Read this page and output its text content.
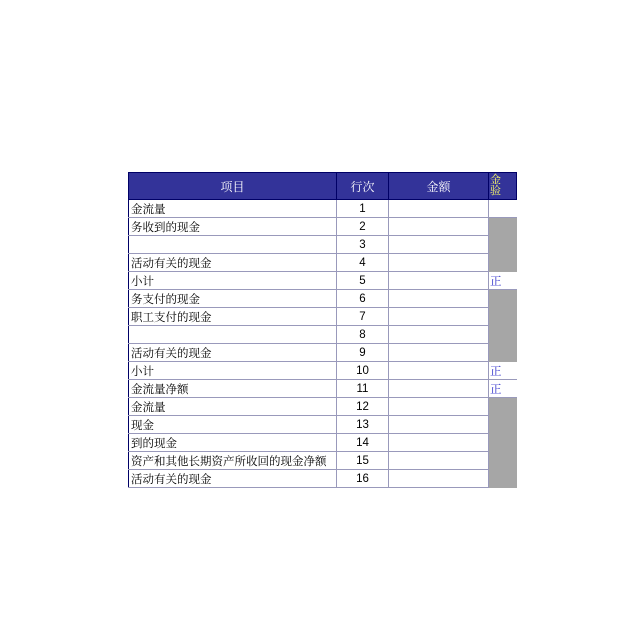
项目	行次	金额	金
验

金流量	1		
务收到的现金	2		
	3		
活动有关的现金	4		
小计	5		正
务支付的现金	6		
职工支付的现金	7		
	8		
活动有关的现金	9		
小计	10		正
金流量净额	11		正
金流量	12		
现金	13		
到的现金	14		
资产和其他长期资产所收回的现金净额	15		
活动有关的现金	16		
